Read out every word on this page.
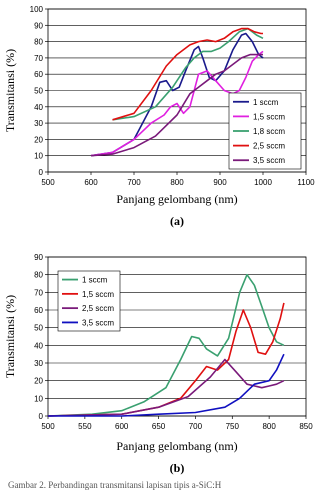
0
10
20
30
40
50
60
70
80
90
100
500	600	700	800	900	1000	1100
1 sccm
1,5 sccm
1,8 sccm
2,5 sccm
3,5 sccm
Panjang gelombang (nm)
Transmitansi (%)
(a)
0
10
20
30
40
50
60
70
80
90
500	550	600	650	700	750	800	850
1 sccm
1,5 sccm
2,5 sccm
3,5 sccm
Panjang gelombang (nm)
Transmitansi (%)
(b)
Gambar 2. Perbandingan transmitansi lapisan tipis a-SiC:H
